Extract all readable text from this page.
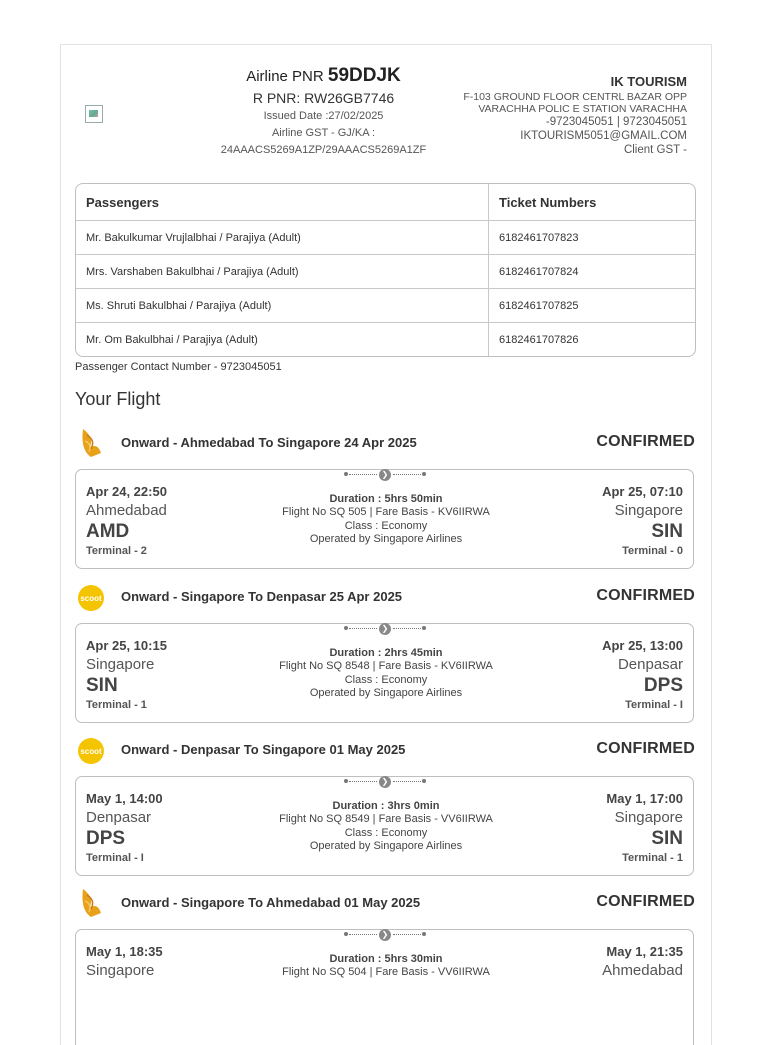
Airline PNR 59DDJK
R PNR: RW26GB7746
Issued Date :27/02/2025
Airline GST - GJ/KA :
24AAACS5269A1ZP/29AAACS5269A1ZF
IK TOURISM
F-103 GROUND FLOOR CENTRL BAZAR OPP
VARACHHA POLIC E STATION VARACHHA
-9723045051 | 9723045051
IKTOURISM5051@GMAIL.COM
Client GST -
Passengers	Ticket Numbers
Mr. Bakulkumar Vrujlalbhai / Parajiya (Adult)	6182461707823
Mrs. Varshaben Bakulbhai / Parajiya (Adult)	6182461707824
Ms. Shruti Bakulbhai / Parajiya (Adult)	6182461707825
Mr. Om Bakulbhai / Parajiya (Adult)	6182461707826
Passenger Contact Number - 9723045051
Your Flight
Onward - Ahmedabad To Singapore 24 Apr 2025	CONFIRMED
❯
Apr 24, 22:50
Ahmedabad
AMD
Terminal - 2
Duration : 5hrs 50min
Flight No SQ 505 | Fare Basis - KV6IIRWA
Class : Economy
Operated by Singapore Airlines
Apr 25, 07:10
Singapore
SIN
Terminal - 0
scoot Onward - Singapore To Denpasar 25 Apr 2025	CONFIRMED
❯
Apr 25, 10:15
Singapore
SIN
Terminal - 1
Duration : 2hrs 45min
Flight No SQ 8548 | Fare Basis - KV6IIRWA
Class : Economy
Operated by Singapore Airlines
Apr 25, 13:00
Denpasar
DPS
Terminal - I
scoot Onward - Denpasar To Singapore 01 May 2025	CONFIRMED
❯
May 1, 14:00
Denpasar
DPS
Terminal - I
Duration : 3hrs 0min
Flight No SQ 8549 | Fare Basis - VV6IIRWA
Class : Economy
Operated by Singapore Airlines
May 1, 17:00
Singapore
SIN
Terminal - 1
Onward - Singapore To Ahmedabad 01 May 2025	CONFIRMED
❯
May 1, 18:35
Singapore
Duration : 5hrs 30min
Flight No SQ 504 | Fare Basis - VV6IIRWA
May 1, 21:35
Ahmedabad
